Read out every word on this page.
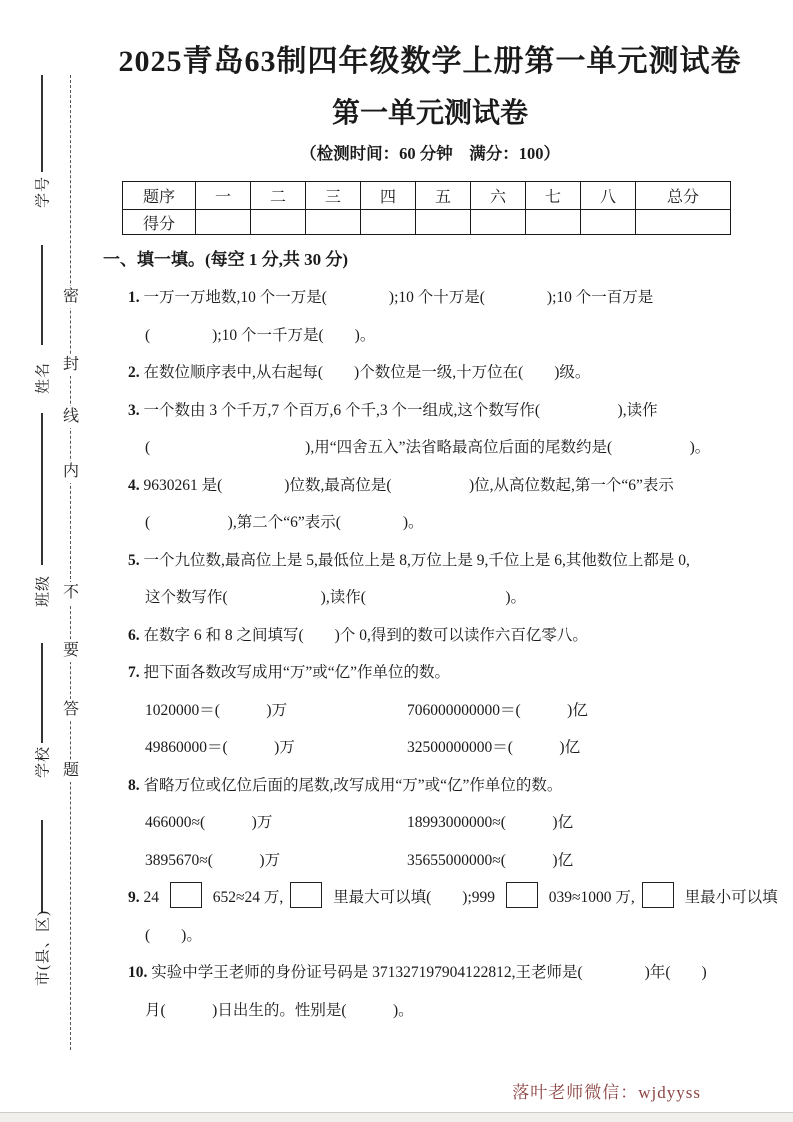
学号
姓名
班级
学校
市(县、区)
密
封
线
内
不
要
答
题
2025青岛63制四年级数学上册第一单元测试卷
第一单元测试卷
（检测时间：60 分钟　满分：100）
题序	一	二	三	四	五	六	七	八	总分
得分									
一、填一填。(每空 1 分,共 30 分)
1. 一万一万地数,10 个一万是(　　　　);10 个十万是(　　　　);10 个一百万是
(　　　　);10 个一千万是(　　)。
2. 在数位顺序表中,从右起每(　　)个数位是一级,十万位在(　　)级。
3. 一个数由 3 个千万,7 个百万,6 个千,3 个一组成,这个数写作(　　　　　),读作
(　　　　　　　　　　),用“四舍五入”法省略最高位后面的尾数约是(　　　　　)。
4. 9630261 是(　　　　)位数,最高位是(　　　　　)位,从高位数起,第一个“6”表示
(　　　　　),第二个“6”表示(　　　　)。
5. 一个九位数,最高位上是 5,最低位上是 8,万位上是 9,千位上是 6,其他数位上都是 0,
这个数写作(　　　　　　),读作(　　　　　　　　　)。
6. 在数字 6 和 8 之间填写(　　)个 0,得到的数可以读作六百亿零八。
7. 把下面各数改写成用“万”或“亿”作单位的数。
1020000＝(　　　)万	706000000000＝(　　　)亿
49860000＝(　　　)万	32500000000＝(　　　)亿
8. 省略万位或亿位后面的尾数,改写成用“万”或“亿”作单位的数。
466000≈(　　　)万	18993000000≈(　　　)亿
3895670≈(　　　)万	35655000000≈(　　　)亿
9. 24	652≈24 万,	里最大可以填(　　);999	039≈1000 万,	里最小可以填
(　　)。
10. 实验中学王老师的身份证号码是 371327197904122812,王老师是(　　　　)年(　　)
月(　　　)日出生的。性别是(　　　)。
落叶老师微信：wjdyyss
